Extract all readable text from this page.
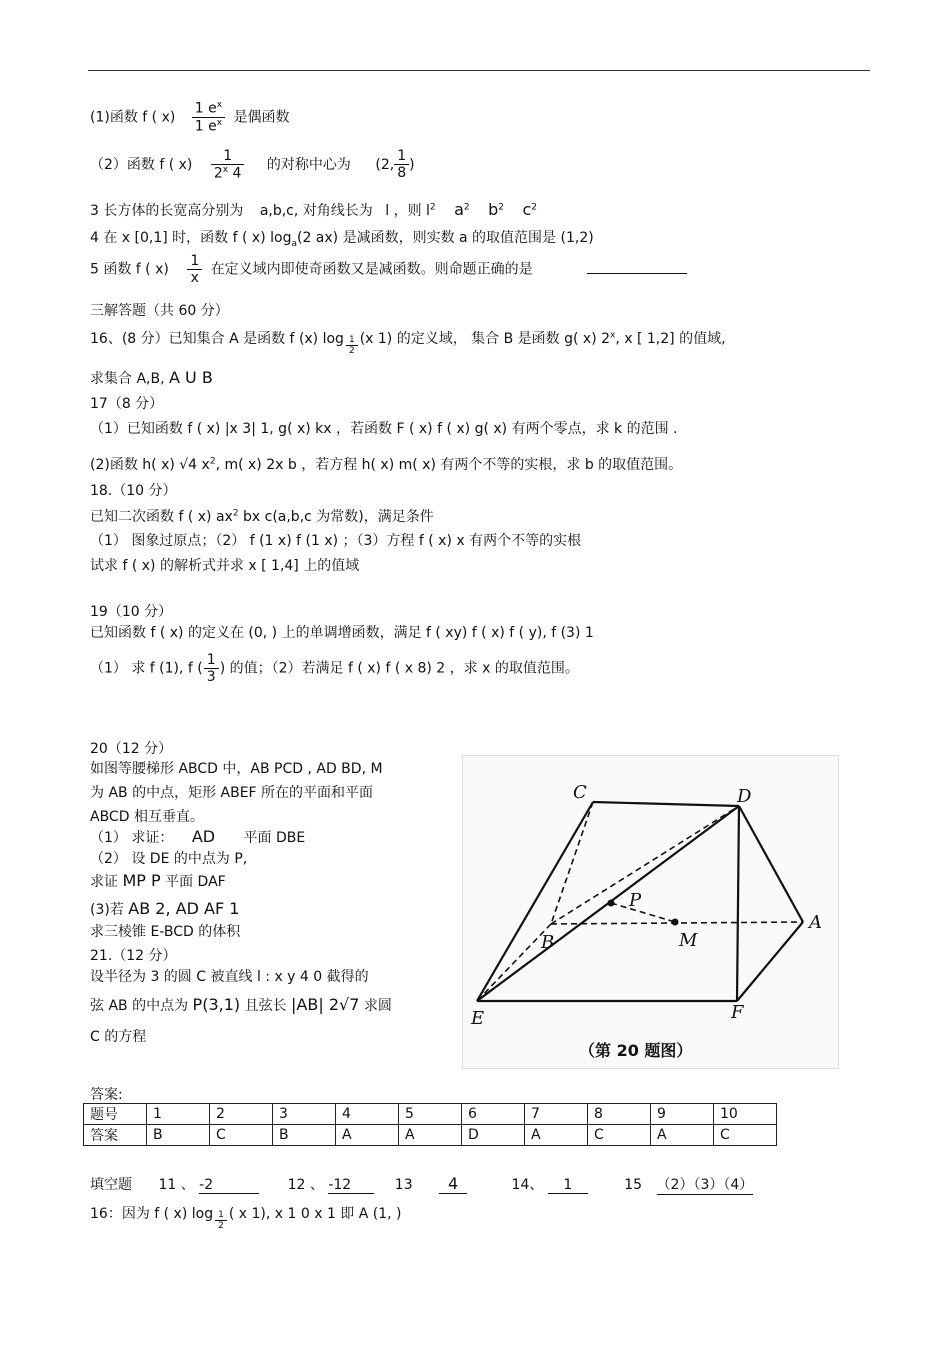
(1)函数 f ( $x) \frac{1 e^x}{1 e^x}$ 是偶函数
（2）函数 f ( $x) \frac{1}{2^x 4}$ 的对称中心为 (2, $\frac{1}{8}$ )
3 长方体的长宽高分别为 a,b,c, 对角线长为 l ，则 $l^2$ $a^2$ $b^2$ $c^2$
4 在 x [0,1] 时，函数 f ( x) $\log_a(2$ ax) 是减函数，则实数 a 的取值范围是 (1,2)
5 函数 f ( $x) \frac{1}{x}$ 在定义域内即使奇函数又是减函数。则命题正确的是
三解答题（共 60 分）
16、(8 分）已知集合 A 是函数 f (x) $\log \frac{1}{2} (x$ 1) 的定义域， 集合 B 是函数 g( x) 2$^x$, x [ 1,2] 的值域,
求集合 A,B, A U B
17（8 分）
（1）已知函数 f ( x) |x 3| 1, g( x) kx ，若函数 F ( x) f ( x) g( x) 有两个零点，求 k 的范围 .
(2)函数 h( x) √4 $x^2$, m( x) 2x b ，若方程 h( x) m( x) 有两个不等的实根，求 b 的取值范围。
18.（10 分）
已知二次函数 f ( x) $ax^2$ bx c(a,b,c 为常数)，满足条件
（1） 图象过原点；（2） f (1 x) f (1 x) ；（3）方程 f ( x) x 有两个不等的实根
试求 f ( x) 的解析式并求 x [ 1,4] 上的值域
19（10 分）
已知函数 f ( x) 的定义在 (0, ) 上的单调增函数，满足 f ( xy) f ( x) f ( y), f (3) 1
（1） 求 f (1), f ( $\frac{1}{3}$ ) 的值；（2）若满足 f ( x) f ( x 8) 2 ，求 x 的取值范围。
20（12 分）
如图等腰梯形 ABCD 中，AB PCD , AD BD, M
为 AB 的中点，矩形 ABEF 所在的平面和平面
ABCD 相互垂直。
（1） 求证： AD 平面 DBE
（2） 设 DE 的中点为 P,
求证 MP P 平面 DAF
(3)若 AB 2, AD AF 1
求三棱锥 E-BCD 的体积
21.（12 分）
设半径为 3 的圆 C 被直线 l : x y 4 0 截得的
弦 AB 的中点为 P(3,1) 且弦长 |AB| 2√7 求圆
C 的方程
C	D
P
A
B	M
E	F
（第 20 题图）
答案:
题号	1	2	3	4	5	6	7	8	9	10
答案	B	C	B	A	A	D	A	C	A	C
填空题 11 、 -2	12 、 -12	13 4	14、 1	15 （2）（3）（4）
16：因为 f ( x) $\log \frac{1}{2}$ ( x 1), x 1 0 x 1 即 A (1, )
